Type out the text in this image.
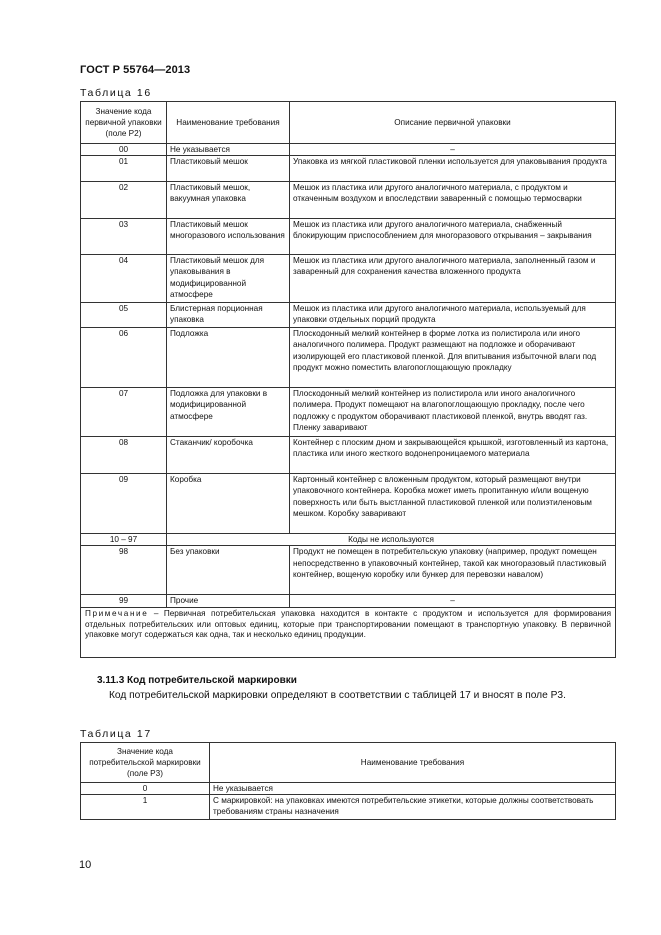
ГОСТ Р 55764—2013
Таблица 16
Значение кода первичной упаковки (поле Р2)	Наименование требования	Описание первичной упаковки
00	Не указывается	–
01	Пластиковый мешок	Упаковка из мягкой пластиковой пленки используется для упаковывания продукта
02	Пластиковый мешок, вакуумная упаковка	Мешок из пластика или другого аналогичного материала, с продуктом и откаченным воздухом и впоследствии заваренный с помощью термосварки
03	Пластиковый мешок многоразового использования	Мешок из пластика или другого аналогичного материала, снабженный блокирующим приспособлением для многоразового открывания – закрывания
04	Пластиковый мешок для упаковывания в модифицированной атмосфере	Мешок из пластика или другого аналогичного материала, заполненный газом и заваренный для сохранения качества вложенного продукта
05	Блистерная порционная упаковка	Мешок из пластика или другого аналогичного материала, используемый для упаковки отдельных порций продукта
06	Подложка	Плоскодонный мелкий контейнер в форме лотка из полистирола или иного аналогичного полимера. Продукт размещают на подложке и оборачивают изолирующей его пластиковой пленкой. Для впитывания избыточной влаги под продукт можно поместить влагопоглощающую прокладку
07	Подложка для упаковки в модифицированной атмосфере	Плоскодонный мелкий контейнер из полистирола или иного аналогичного полимера. Продукт помещают на влагопоглощающую прокладку, после чего подложку с продуктом оборачивают пластиковой пленкой, внутрь вводят газ. Пленку заваривают
08	Стаканчик/ коробочка	Контейнер с плоским дном и закрывающейся крышкой, изготовленный из картона, пластика или иного жесткого водонепроницаемого материала
09	Коробка	Картонный контейнер с вложенным продуктом, который размещают внутри упаковочного контейнера. Коробка может иметь пропитанную и/или вощеную поверхность или быть выстланной пластиковой пленкой или полиэтиленовым мешком. Коробку заваривают
10 – 97	Коды не используются	
98	Без упаковки	Продукт не помещен в потребительскую упаковку (например, продукт помещен непосредственно в упаковочный контейнер, такой как многоразовый пластиковый контейнер, вощеную коробку или бункер для перевозки навалом)
99	Прочие	–
Примечание – Первичная потребительская упаковка находится в контакте с продуктом и используется для формирования отдельных потребительских или оптовых единиц, которые при транспортировании помещают в транспортную упаковку. В первичной упаковке могут содержаться как одна, так и несколько единиц продукции.		
3.11.3 Код потребительской маркировки
Код потребительской маркировки определяют в соответствии с таблицей 17 и вносят в поле Р3.
Таблица 17
Значение кода потребительской маркировки (поле Р3)	Наименование требования
0	Не указывается
1	С маркировкой: на упаковках имеются потребительские этикетки, которые должны соответствовать требованиям страны назначения
10
